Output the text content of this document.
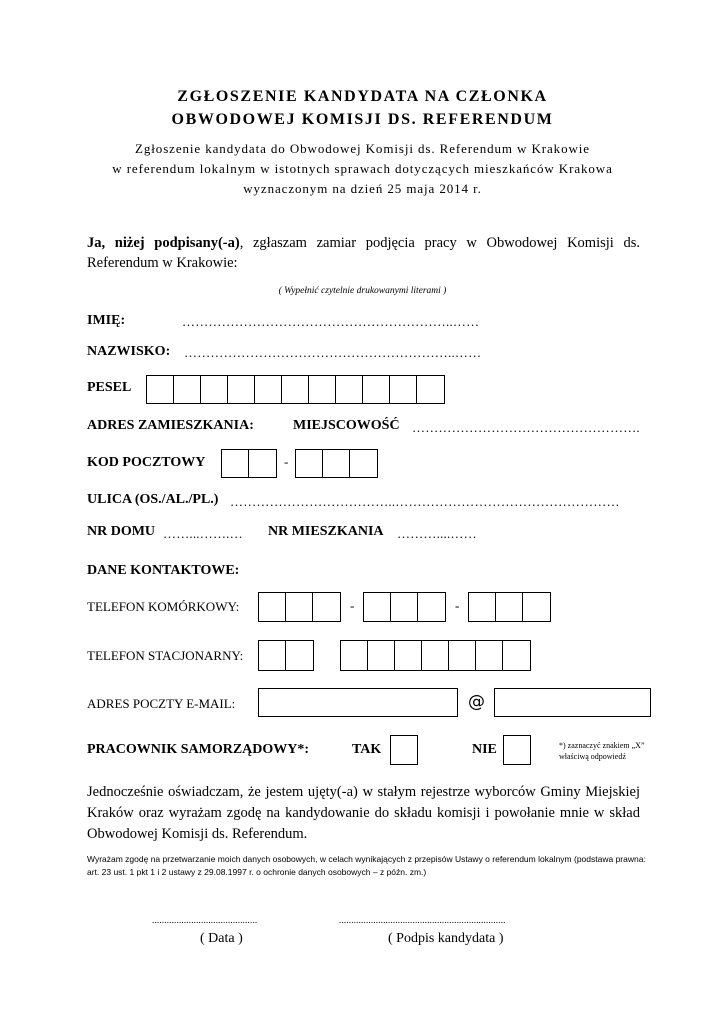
ZGŁOSZENIE KANDYDATA NA CZŁONKA
OBWODOWEJ KOMISJI DS. REFERENDUM
Zgłoszenie kandydata do Obwodowej Komisji ds. Referendum w Krakowie
w referendum lokalnym w istotnych sprawach dotyczących mieszkańców Krakowa
wyznaczonym na dzień 25 maja 2014 r.
Ja, niżej podpisany(-a), zgłaszam zamiar podjęcia pracy w Obwodowej Komisji ds. Referendum w Krakowie:
( Wypełnić czytelnie drukowanymi literami )
IMIĘ:	……………………………………………………..……
NAZWISKO: ……………………………………………………..……
PESEL
ADRES ZAMIESZKANIA:	MIEJSCOWOŚĆ …………………………………………….
KOD POCZTOWY	-
ULICA (OS./AL./PL.) ………………………………..……………………………………………
NR DOMU ……...…….… NR MIESZKANIA ………....……
DANE KONTAKTOWE:
TELEFON KOMÓRKOWY:	-	-
TELEFON STACJONARNY:
ADRES POCZTY E-MAIL:	@
PRACOWNIK SAMORZĄDOWY*:	TAK	NIE	*) zaznaczyć znakiem „X”
właściwą odpowiedź
Jednocześnie oświadczam, że jestem ujęty(-a) w stałym rejestrze wyborców Gminy Miejskiej Kraków oraz wyrażam zgodę na kandydowanie do składu komisji i powołanie mnie w skład Obwodowej Komisji ds. Referendum.
Wyrażam zgodę na przetwarzanie moich danych osobowych, w celach wynikających z przepisów Ustawy o referendum lokalnym (podstawa prawna: art. 23 ust. 1 pkt 1 i 2 ustawy z 29.08.1997 r. o ochronie danych osobowych – z późn. zm.)
...........................................
( Data )
....................................................................
( Podpis kandydata )
